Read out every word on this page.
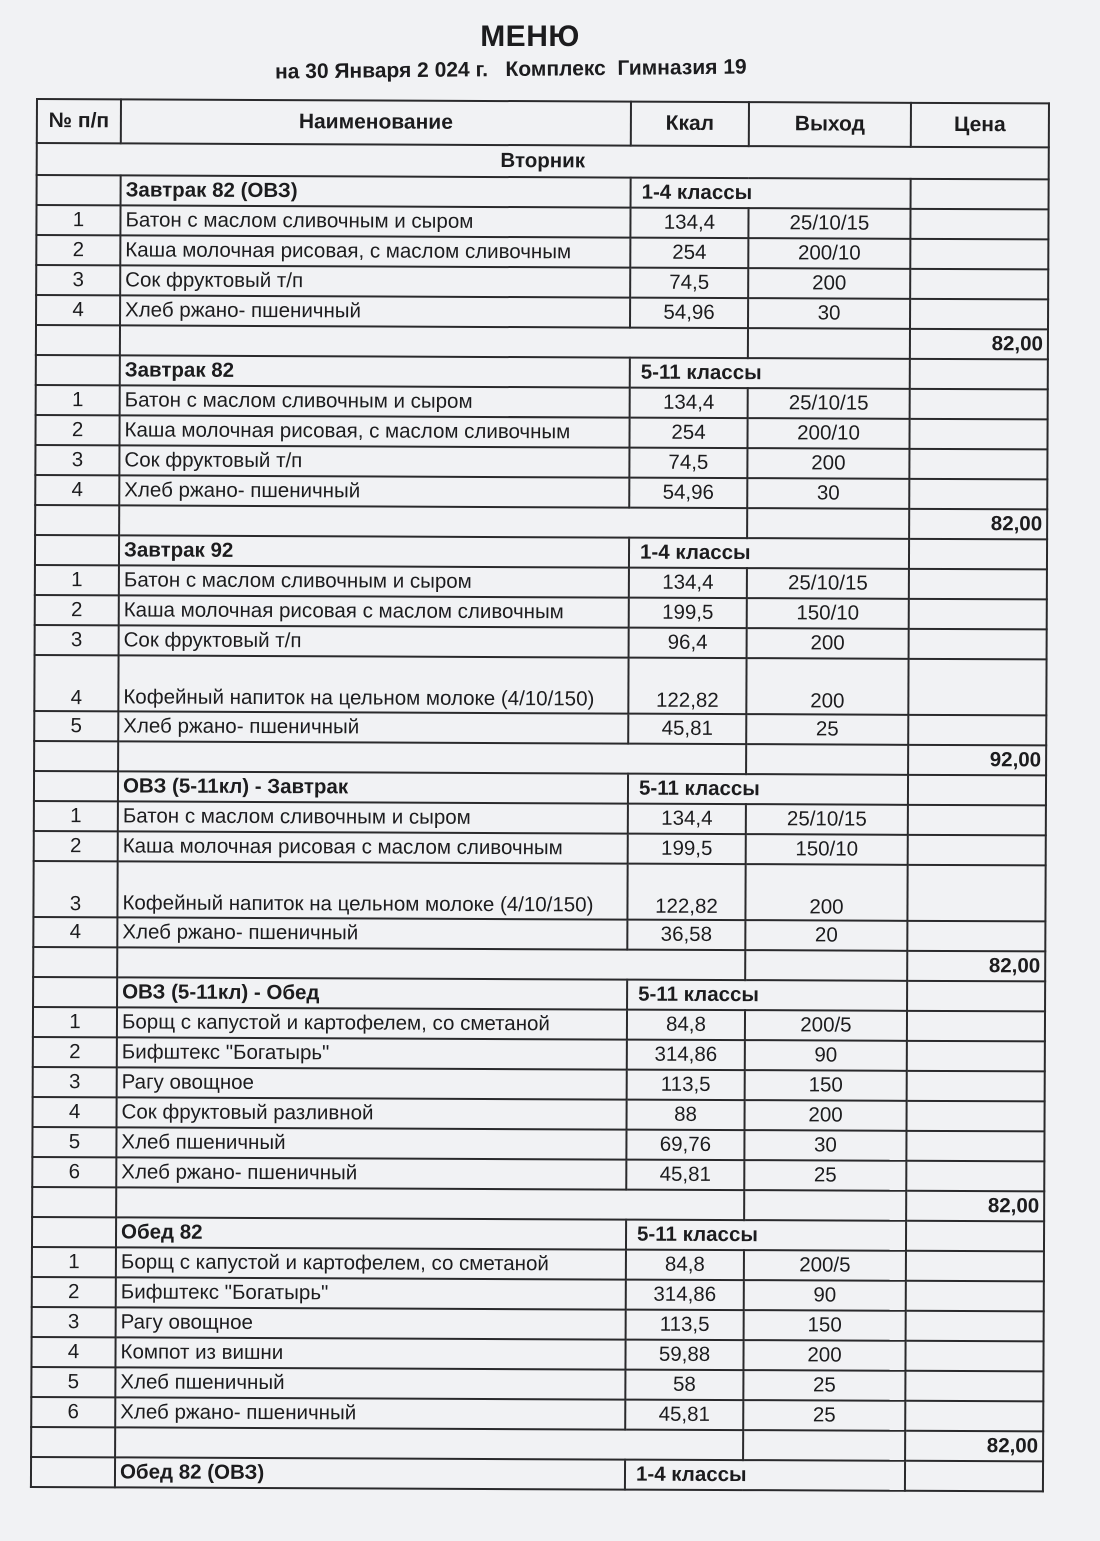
МЕНЮ
на 30 Января 2 024 г.   Комплекс  Гимназия 19
№ п/п	Наименование	Ккал	Выход	Цена
Вторник				
	Завтрак 82 (ОВЗ)	1-4 классы		
1	Батон с маслом сливочным и сыром	134,4	25/10/15	
2	Каша молочная рисовая, с маслом сливочным	254	200/10	
3	Сок фруктовый т/п	74,5	200	
4	Хлеб ржано- пшеничный	54,96	30	
				82,00
	Завтрак 82	5-11 классы		
1	Батон с маслом сливочным и сыром	134,4	25/10/15	
2	Каша молочная рисовая, с маслом сливочным	254	200/10	
3	Сок фруктовый т/п	74,5	200	
4	Хлеб ржано- пшеничный	54,96	30	
				82,00
	Завтрак 92	1-4 классы		
1	Батон с маслом сливочным и сыром	134,4	25/10/15	
2	Каша молочная рисовая с маслом сливочным	199,5	150/10	
3	Сок фруктовый т/п	96,4	200	
4	Кофейный напиток на цельном молоке (4/10/150)	122,82	200	
5	Хлеб ржано- пшеничный	45,81	25	
				92,00
	ОВЗ (5-11кл) - Завтрак	5-11 классы		
1	Батон с маслом сливочным и сыром	134,4	25/10/15	
2	Каша молочная рисовая с маслом сливочным	199,5	150/10	
3	Кофейный напиток на цельном молоке (4/10/150)	122,82	200	
4	Хлеб ржано- пшеничный	36,58	20	
				82,00
	ОВЗ (5-11кл) - Обед	5-11 классы		
1	Борщ с капустой и картофелем, со сметаной	84,8	200/5	
2	Бифштекс "Богатырь"	314,86	90	
3	Рагу овощное	113,5	150	
4	Сок фруктовый разливной	88	200	
5	Хлеб пшеничный	69,76	30	
6	Хлеб ржано- пшеничный	45,81	25	
				82,00
	Обед 82	5-11 классы		
1	Борщ с капустой и картофелем, со сметаной	84,8	200/5	
2	Бифштекс "Богатырь"	314,86	90	
3	Рагу овощное	113,5	150	
4	Компот из вишни	59,88	200	
5	Хлеб пшеничный	58	25	
6	Хлеб ржано- пшеничный	45,81	25	
				82,00
	Обед 82 (ОВЗ)	1-4 классы		
